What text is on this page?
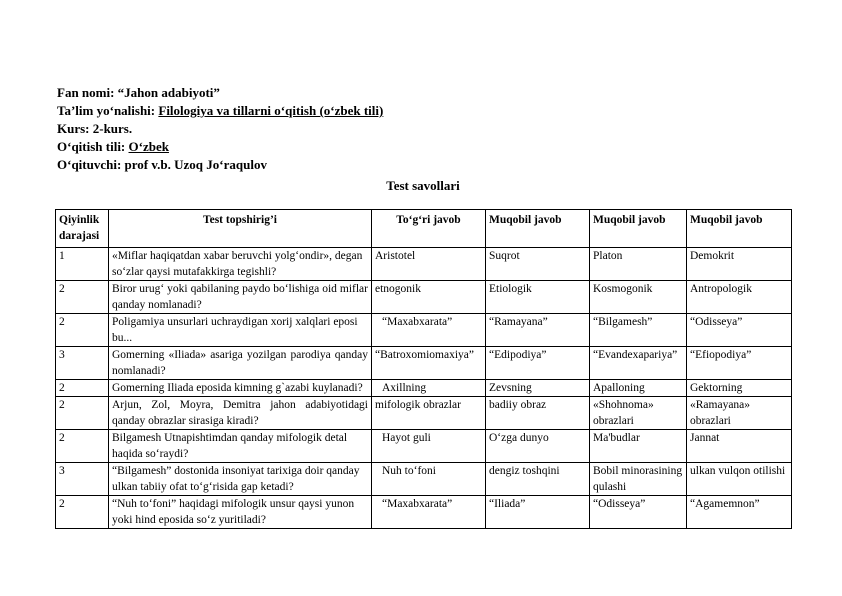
Fan nomi: “Jahon adabiyoti”
Ta’lim yo‘nalishi: Filologiya va tillarni o‘qitish (o‘zbek tili)
Kurs: 2-kurs.
O‘qitish tili: O‘zbek
O‘qituvchi: prof v.b. Uzoq Jo‘raqulov
Test savollari
Qiyinlik darajasi	Test topshirig’i	To‘g‘ri javob	Muqobil javob	Muqobil javob	Muqobil javob
1	«Miflar haqiqatdan xabar beruvchi yolg‘ondir», degan so‘zlar qaysi mutafakkirga tegishli?	Aristotel	Suqrot	Platon	Demokrit
2	Biror urug‘ yoki qabilaning paydo bo‘lishiga oid miflar qanday nomlanadi?	etnogonik	Etiologik	Kosmogonik	Antropologik
2	Poligamiya unsurlari uchraydigan xorij xalqlari eposi bu...	“Maxabxarata”	“Ramayana”	“Bilgamesh”	“Odisseya”
3	Gomerning «Iliada» asariga yozilgan parodiya qanday nomlanadi?	“Batroxomiomaxiya”	“Edipodiya”	“Evandexapariya”	“Efiopodiya”
2	Gomerning Iliada eposida kimning g`azabi kuylanadi?	Axillning	Zevsning	Apalloning	Gektorning
2	Arjun, Zol, Moyra, Demitra jahon adabiyotidagi qanday obrazlar sirasiga kiradi?	mifologik obrazlar	badiiy obraz	«Shohnoma» obrazlari	«Ramayana» obrazlari
2	Bilgamesh Utnapishtimdan qanday mifologik detal haqida so‘raydi?	Hayot guli	O‘zga dunyo	Ma'budlar	Jannat
3	“Bilgamesh” dostonida insoniyat tarixiga doir qanday ulkan tabiiy ofat to‘g‘risida gap ketadi?	Nuh to‘foni	dengiz toshqini	Bobil minorasining qulashi	ulkan vulqon otilishi
2	“Nuh to‘foni” haqidagi mifologik unsur qaysi yunon yoki hind eposida so‘z yuritiladi?	“Maxabxarata”	“Iliada”	“Odisseya”	“Agamemnon”
